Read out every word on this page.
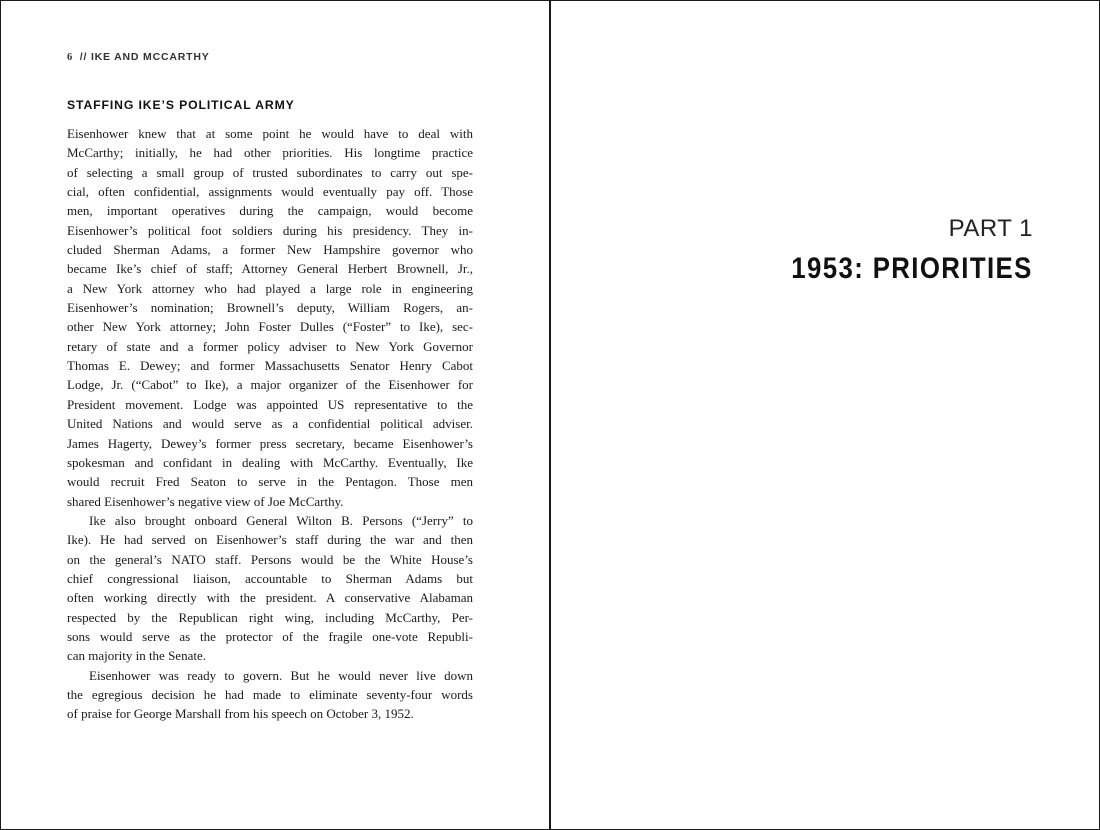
6 // IKE AND MCCARTHY
STAFFING IKE’S POLITICAL ARMY
Eisenhower knew that at some point he would have to deal with
McCarthy; initially, he had other priorities. His longtime practice
of selecting a small group of trusted subordinates to carry out spe-
cial, often confidential, assignments would eventually pay off. Those
men, important operatives during the campaign, would become
Eisenhower’s political foot soldiers during his presidency. They in-
cluded Sherman Adams, a former New Hampshire governor who
became Ike’s chief of staff; Attorney General Herbert Brownell, Jr.,
a New York attorney who had played a large role in engineering
Eisenhower’s nomination; Brownell’s deputy, William Rogers, an-
other New York attorney; John Foster Dulles (“Foster” to Ike), sec-
retary of state and a former policy adviser to New York Governor
Thomas E. Dewey; and former Massachusetts Senator Henry Cabot
Lodge, Jr. (“Cabot” to Ike), a major organizer of the Eisenhower for
President movement. Lodge was appointed US representative to the
United Nations and would serve as a confidential political adviser.
James Hagerty, Dewey’s former press secretary, became Eisenhower’s
spokesman and confidant in dealing with McCarthy. Eventually, Ike
would recruit Fred Seaton to serve in the Pentagon. Those men
shared Eisenhower’s negative view of Joe McCarthy.
Ike also brought onboard General Wilton B. Persons (“Jerry” to
Ike). He had served on Eisenhower’s staff during the war and then
on the general’s NATO staff. Persons would be the White House’s
chief congressional liaison, accountable to Sherman Adams but
often working directly with the president. A conservative Alabaman
respected by the Republican right wing, including McCarthy, Per-
sons would serve as the protector of the fragile one-vote Republi-
can majority in the Senate.
Eisenhower was ready to govern. But he would never live down
the egregious decision he had made to eliminate seventy-four words
of praise for George Marshall from his speech on October 3, 1952.
PART 1
1953: PRIORITIES
